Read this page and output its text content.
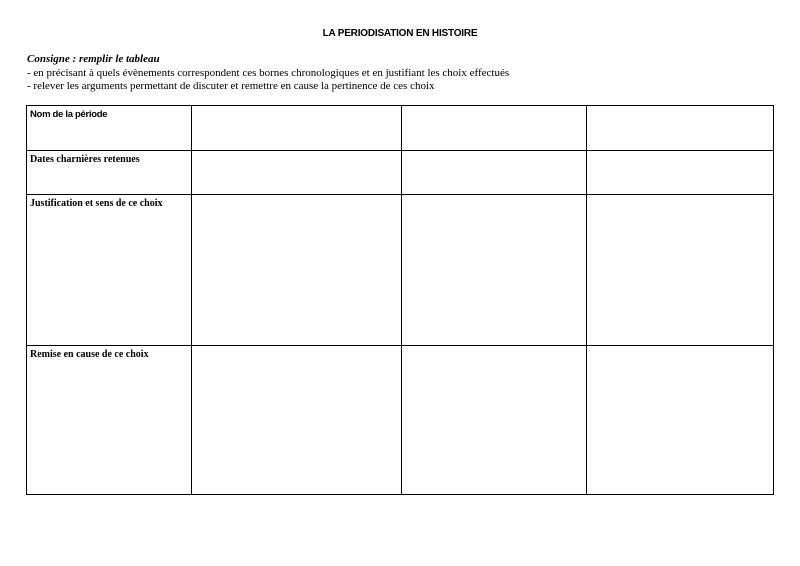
LA PERIODISATION EN HISTOIRE
Consigne : remplir le tableau
- en précisant à quels évènements correspondent ces bornes chronologiques et en justifiant les choix effectués
- relever les arguments permettant de discuter et remettre en cause la pertinence de ces choix
Nom de la période			
Dates charnières retenues			
Justification et sens de ce choix			
Remise en cause de ce choix			
